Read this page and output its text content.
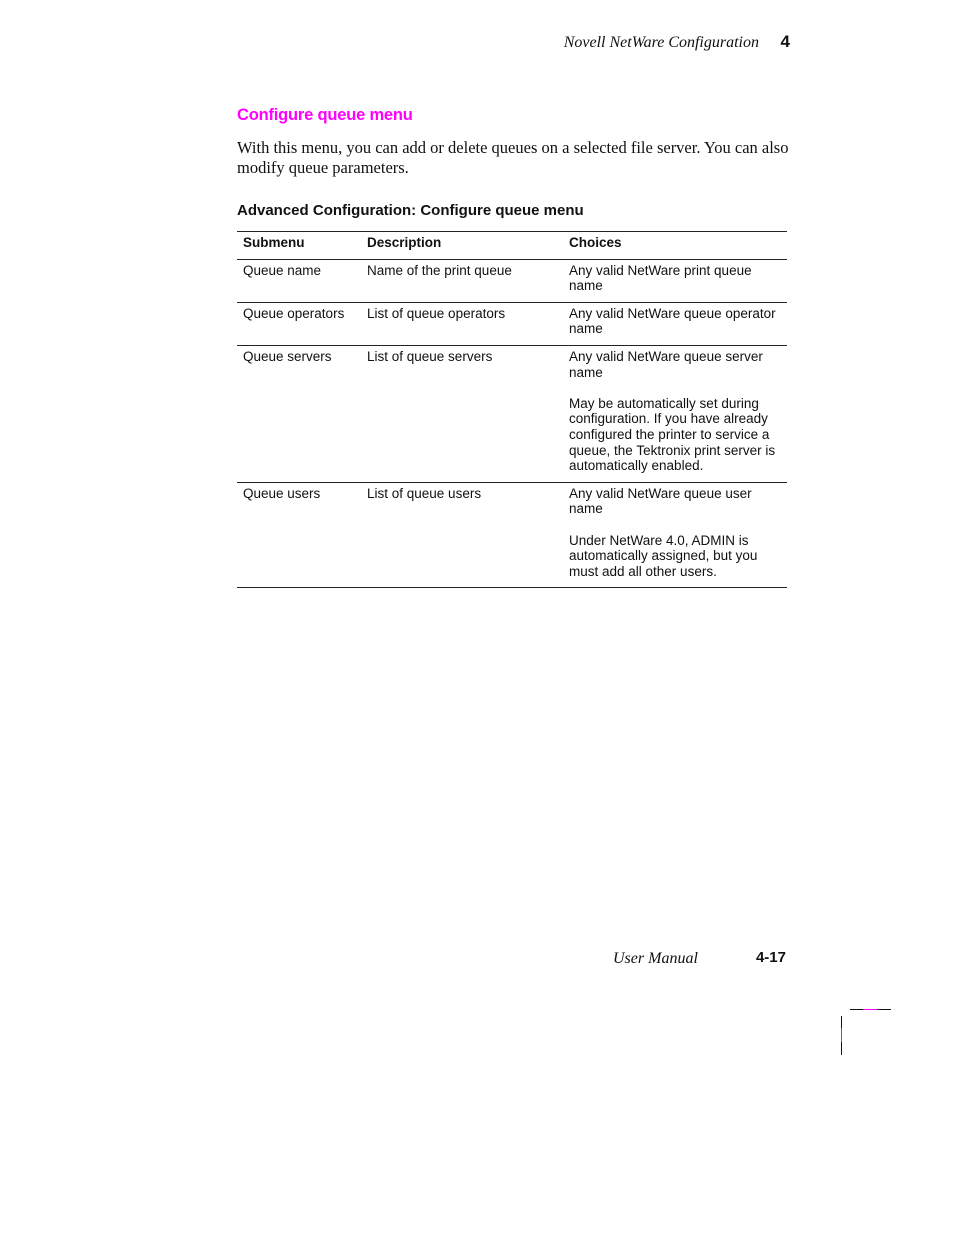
Novell NetWare Configuration 4
Configure queue menu

With this menu, you can add or delete queues on a selected file server. You can also modify queue parameters.

Advanced Configuration: Configure queue menu
Submenu	Description	Choices
Queue name	Name of the print queue	Any valid NetWare print queue name

Queue operators	List of queue operators	Any valid NetWare queue operator name

Queue servers	List of queue servers	Any valid NetWare queue server name
May be automatically set during configuration. If you have already configured the printer to service a queue, the Tektronix print server is automatically enabled.

Queue users	List of queue users	Any valid NetWare queue user name
Under NetWare 4.0, ADMIN is automatically assigned, but you must add all other users.
User Manual	4-17
